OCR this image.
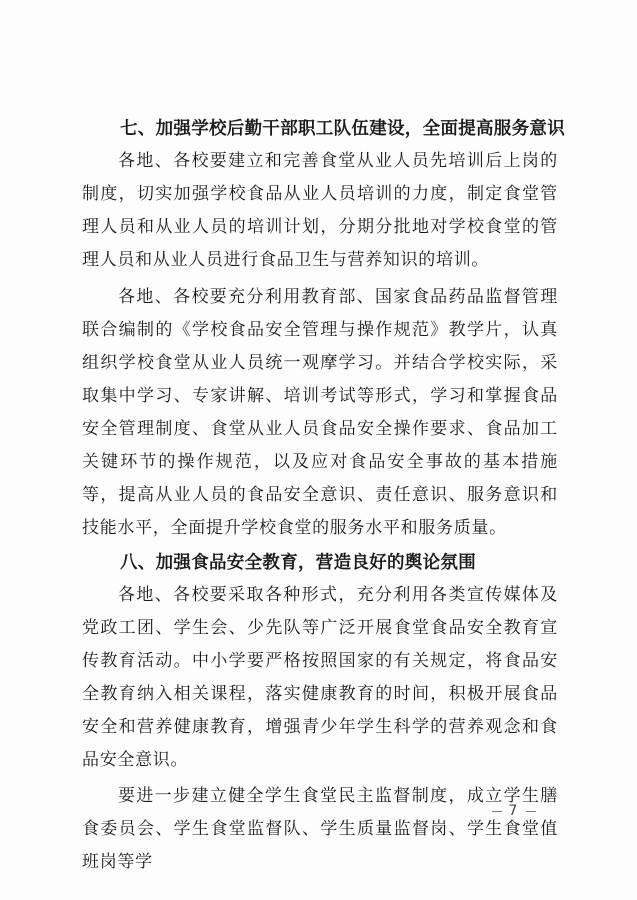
七、加强学校后勤干部职工队伍建设，全面提高服务意识

各地、各校要建立和完善食堂从业人员先培训后上岗的制度，切实加强学校食品从业人员培训的力度，制定食堂管理人员和从业人员的培训计划，分期分批地对学校食堂的管理人员和从业人员进行食品卫生与营养知识的培训。

各地、各校要充分利用教育部、国家食品药品监督管理联合编制的《学校食品安全管理与操作规范》教学片，认真组织学校食堂从业人员统一观摩学习。并结合学校实际，采取集中学习、专家讲解、培训考试等形式，学习和掌握食品安全管理制度、食堂从业人员食品安全操作要求、食品加工关键环节的操作规范，以及应对食品安全事故的基本措施等，提高从业人员的食品安全意识、责任意识、服务意识和技能水平，全面提升学校食堂的服务水平和服务质量。

八、加强食品安全教育，营造良好的舆论氛围

各地、各校要采取各种形式，充分利用各类宣传媒体及党政工团、学生会、少先队等广泛开展食堂食品安全教育宣传教育活动。中小学要严格按照国家的有关规定，将食品安全教育纳入相关课程，落实健康教育的时间，积极开展食品安全和营养健康教育，增强青少年学生科学的营养观念和食品安全意识。

要进一步建立健全学生食堂民主监督制度，成立学生膳食委员会、学生食堂监督队、学生质量监督岗、学生食堂值班岗等学

7
